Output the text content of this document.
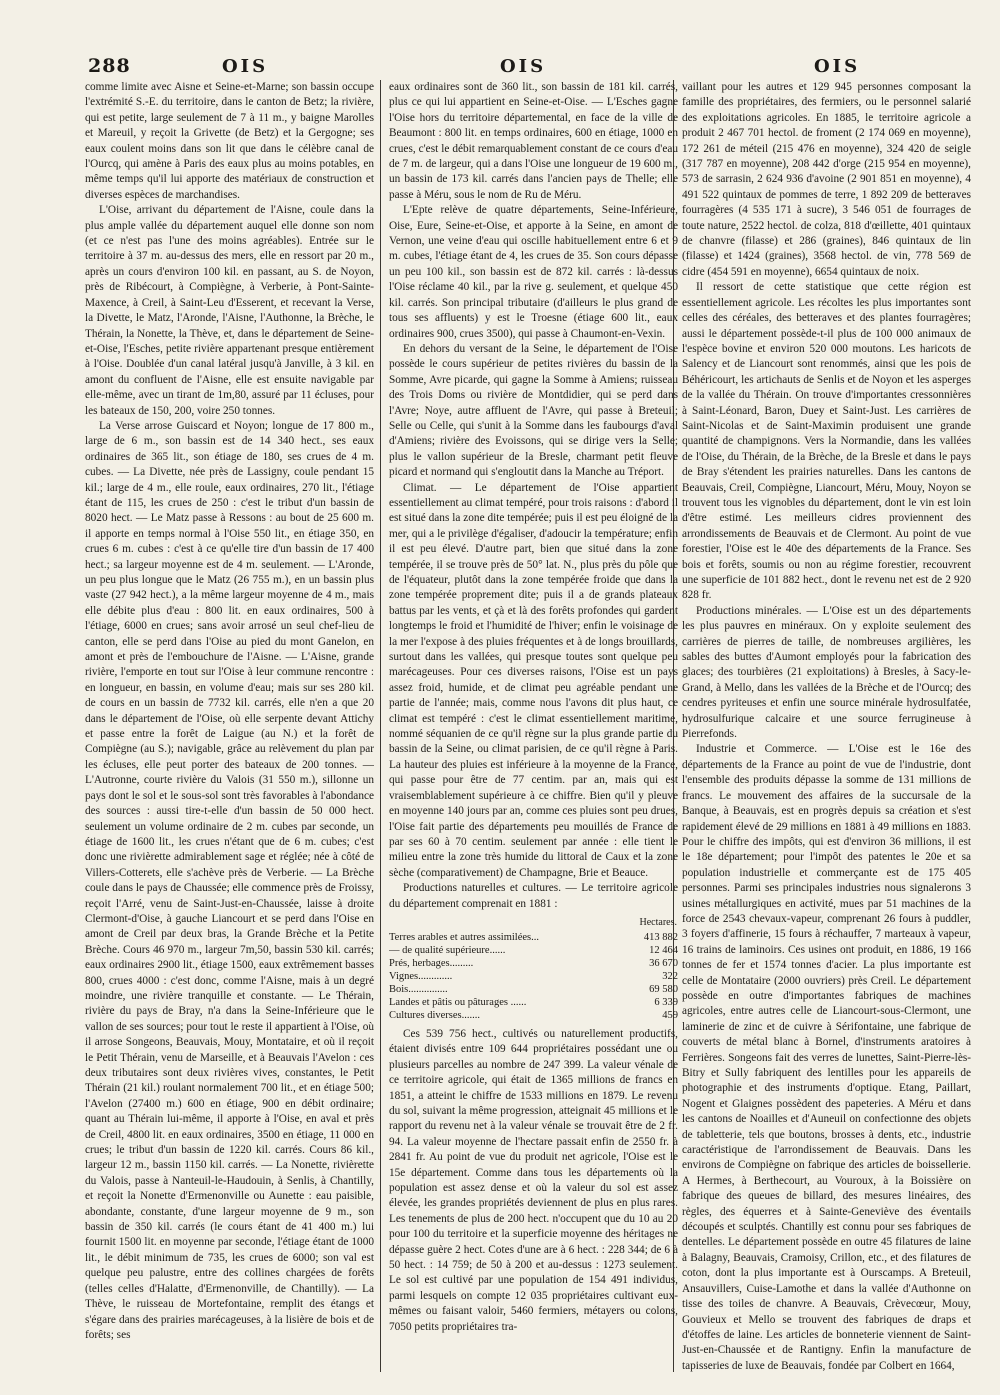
288	OIS	OIS	OIS

comme limite avec Aisne et Seine-et-Marne; son bassin occupe l'extrémité S.-E. du territoire, dans le canton de Betz; la rivière, qui est petite, large seulement de 7 à 11 m., y baigne Marolles et Mareuil, y reçoit la Grivette (de Betz) et la Gergogne; ses eaux coulent moins dans son lit que dans le célèbre canal de l'Ourcq, qui amène à Paris des eaux plus au moins potables, en même temps qu'il lui apporte des matériaux de construction et diverses espèces de marchandises.

L'Oise, arrivant du département de l'Aisne, coule dans la plus ample vallée du département auquel elle donne son nom (et ce n'est pas l'une des moins agréables). Entrée sur le territoire à 37 m. au-dessus des mers, elle en ressort par 20 m., après un cours d'environ 100 kil. en passant, au S. de Noyon, près de Ribécourt, à Compiègne, à Verberie, à Pont-Sainte-Maxence, à Creil, à Saint-Leu d'Esserent, et recevant la Verse, la Divette, le Matz, l'Aronde, l'Aisne, l'Authonne, la Brèche, le Thérain, la Nonette, la Thève, et, dans le département de Seine-et-Oise, l'Esches, petite rivière appartenant presque entièrement à l'Oise. Doublée d'un canal latéral jusqu'à Janville, à 3 kil. en amont du confluent de l'Aisne, elle est ensuite navigable par elle-même, avec un tirant de 1m,80, assuré par 11 écluses, pour les bateaux de 150, 200, voire 250 tonnes.

La Verse arrose Guiscard et Noyon; longue de 17 800 m., large de 6 m., son bassin est de 14 340 hect., ses eaux ordinaires de 365 lit., son étiage de 180, ses crues de 4 m. cubes. — La Divette, née près de Lassigny, coule pendant 15 kil.; large de 4 m., elle roule, eaux ordinaires, 270 lit., l'étiage étant de 115, les crues de 250 : c'est le tribut d'un bassin de 8020 hect. — Le Matz passe à Ressons : au bout de 25 600 m. il apporte en temps normal à l'Oise 550 lit., en étiage 350, en crues 6 m. cubes : c'est à ce qu'elle tire d'un bassin de 17 400 hect.; sa largeur moyenne est de 4 m. seulement. — L'Aronde, un peu plus longue que le Matz (26 755 m.), en un bassin plus vaste (27 942 hect.), a la même largeur moyenne de 4 m., mais elle débite plus d'eau : 800 lit. en eaux ordinaires, 500 à l'étiage, 6000 en crues; sans avoir arrosé un seul chef-lieu de canton, elle se perd dans l'Oise au pied du mont Ganelon, en amont et près de l'embouchure de l'Aisne. — L'Aisne, grande rivière, l'emporte en tout sur l'Oise à leur commune rencontre : en longueur, en bassin, en volume d'eau; mais sur ses 280 kil. de cours en un bassin de 7732 kil. carrés, elle n'en a que 20 dans le département de l'Oise, où elle serpente devant Attichy et passe entre la forêt de Laigue (au N.) et la forêt de Compiègne (au S.); navigable, grâce au relèvement du plan par les écluses, elle peut porter des bateaux de 200 tonnes. — L'Autronne, courte rivière du Valois (31 550 m.), sillonne un pays dont le sol et le sous-sol sont très favorables à l'abondance des sources : aussi tire-t-elle d'un bassin de 50 000 hect. seulement un volume ordinaire de 2 m. cubes par seconde, un étiage de 1600 lit., les crues n'étant que de 6 m. cubes; c'est donc une rivièrette admirablement sage et réglée; née à côté de Villers-Cotterets, elle s'achève près de Verberie. — La Brèche coule dans le pays de Chaussée; elle commence près de Froissy, reçoit l'Arré, venu de Saint-Just-en-Chaussée, laisse à droite Clermont-d'Oise, à gauche Liancourt et se perd dans l'Oise en amont de Creil par deux bras, la Grande Brèche et la Petite Brèche. Cours 46 970 m., largeur 7m,50, bassin 530 kil. carrés; eaux ordinaires 2900 lit., étiage 1500, eaux extrêmement basses 800, crues 4000 : c'est donc, comme l'Aisne, mais à un degré moindre, une rivière tranquille et constante. — Le Thérain, rivière du pays de Bray, n'a dans la Seine-Inférieure que le vallon de ses sources; pour tout le reste il appartient à l'Oise, où il arrose Songeons, Beauvais, Mouy, Montataire, et où il reçoit le Petit Thérain, venu de Marseille, et à Beauvais l'Avelon : ces deux tributaires sont deux rivières vives, constantes, le Petit Thérain (21 kil.) roulant normalement 700 lit., et en étiage 500; l'Avelon (27400 m.) 600 en étiage, 900 en débit ordinaire; quant au Thérain lui-même, il apporte à l'Oise, en aval et près de Creil, 4800 lit. en eaux ordinaires, 3500 en étiage, 11 000 en crues; le tribut d'un bassin de 1220 kil. carrés. Cours 86 kil., largeur 12 m., bassin 1150 kil. carrés. — La Nonette, rivièrette du Valois, passe à Nanteuil-le-Haudouin, à Senlis, à Chantilly, et reçoit la Nonette d'Ermenonville ou Aunette : eau paisible, abondante, constante, d'une largeur moyenne de 9 m., son bassin de 350 kil. carrés (le cours étant de 41 400 m.) lui fournit 1500 lit. en moyenne par seconde, l'étiage étant de 1000 lit., le débit minimum de 735, les crues de 6000; son val est quelque peu palustre, entre des collines chargées de forêts (telles celles d'Halatte, d'Ermenonville, de Chantilly). — La Thève, le ruisseau de Mortefontaine, remplit des étangs et s'égare dans des prairies marécageuses, à la lisière de bois et de forêts; ses

eaux ordinaires sont de 360 lit., son bassin de 181 kil. carrés, plus ce qui lui appartient en Seine-et-Oise. — L'Esches gagne l'Oise hors du territoire départemental, en face de la ville de Beaumont : 800 lit. en temps ordinaires, 600 en étiage, 1000 en crues, c'est le débit remarquablement constant de ce cours d'eau de 7 m. de largeur, qui a dans l'Oise une longueur de 19 600 m., un bassin de 173 kil. carrés dans l'ancien pays de Thelle; elle passe à Méru, sous le nom de Ru de Méru.

L'Epte relève de quatre départements, Seine-Inférieure, Oise, Eure, Seine-et-Oise, et apporte à la Seine, en amont de Vernon, une veine d'eau qui oscille habituellement entre 6 et 9 m. cubes, l'étiage étant de 4, les crues de 35. Son cours dépasse un peu 100 kil., son bassin est de 872 kil. carrés : là-dessus l'Oise réclame 40 kil., par la rive g. seulement, et quelque 450 kil. carrés. Son principal tributaire (d'ailleurs le plus grand de tous ses affluents) y est le Troesne (étiage 600 lit., eaux ordinaires 900, crues 3500), qui passe à Chaumont-en-Vexin.

En dehors du versant de la Seine, le département de l'Oise possède le cours supérieur de petites rivières du bassin de la Somme, Avre picarde, qui gagne la Somme à Amiens; ruisseau des Trois Doms ou rivière de Montdidier, qui se perd dans l'Avre; Noye, autre affluent de l'Avre, qui passe à Breteuil; Selle ou Celle, qui s'unit à la Somme dans les faubourgs d'aval d'Amiens; rivière des Evoissons, qui se dirige vers la Selle; plus le vallon supérieur de la Bresle, charmant petit fleuve picard et normand qui s'engloutit dans la Manche au Tréport.

Climat. — Le département de l'Oise appartient essentiellement au climat tempéré, pour trois raisons : d'abord il est situé dans la zone dite tempérée; puis il est peu éloigné de la mer, qui a le privilège d'égaliser, d'adoucir la température; enfin il est peu élevé. D'autre part, bien que situé dans la zone tempérée, il se trouve près de 50° lat. N., plus près du pôle que de l'équateur, plutôt dans la zone tempérée froide que dans la zone tempérée proprement dite; puis il a de grands plateaux battus par les vents, et çà et là des forêts profondes qui gardent longtemps le froid et l'humidité de l'hiver; enfin le voisinage de la mer l'expose à des pluies fréquentes et à de longs brouillards, surtout dans les vallées, qui presque toutes sont quelque peu marécageuses. Pour ces diverses raisons, l'Oise est un pays assez froid, humide, et de climat peu agréable pendant une partie de l'année; mais, comme nous l'avons dit plus haut, ce climat est tempéré : c'est le climat essentiellement maritime, nommé séquanien de ce qu'il règne sur la plus grande partie du bassin de la Seine, ou climat parisien, de ce qu'il règne à Paris. La hauteur des pluies est inférieure à la moyenne de la France, qui passe pour être de 77 centim. par an, mais qui est vraisemblablement supérieure à ce chiffre. Bien qu'il y pleuve en moyenne 140 jours par an, comme ces pluies sont peu drues, l'Oise fait partie des départements peu mouillés de France de par ses 60 à 70 centim. seulement par année : elle tient le milieu entre la zone très humide du littoral de Caux et la zone sèche (comparativement) de Champagne, Brie et Beauce.

Productions naturelles et cultures. — Le territoire agricole du département comprenait en 1881 :

Hectares.	
Terres arables et autres assimilées...	413 882
— de qualité supérieure......	12 464
Prés, herbages.........	36 670
Vignes.............	322
Bois...............	69 580
Landes et pâtis ou pâturages ......	6 339
Cultures diverses.......	459

Ces 539 756 hect., cultivés ou naturellement productifs, étaient divisés entre 109 644 propriétaires possédant une ou plusieurs parcelles au nombre de 247 399. La valeur vénale de ce territoire agricole, qui était de 1365 millions de francs en 1851, a atteint le chiffre de 1533 millions en 1879. Le revenu du sol, suivant la même progression, atteignait 45 millions et le rapport du revenu net à la valeur vénale se trouvait être de 2 fr. 94. La valeur moyenne de l'hectare passait enfin de 2550 fr. à 2841 fr. Au point de vue du produit net agricole, l'Oise est le 15e département. Comme dans tous les départements où la population est assez dense et où la valeur du sol est assez élevée, les grandes propriétés deviennent de plus en plus rares. Les tenements de plus de 200 hect. n'occupent que du 10 au 20 pour 100 du territoire et la superficie moyenne des héritages ne dépasse guère 2 hect. Cotes d'une are à 6 hect. : 228 344; de 6 à 50 hect. : 14 759; de 50 à 200 et au-dessus : 1273 seulement. Le sol est cultivé par une population de 154 491 individus, parmi lesquels on compte 12 035 propriétaires cultivant eux-mêmes ou faisant valoir, 5460 fermiers, métayers ou colons, 7050 petits propriétaires tra-

vaillant pour les autres et 129 945 personnes composant la famille des propriétaires, des fermiers, ou le personnel salarié des exploitations agricoles. En 1885, le territoire agricole a produit 2 467 701 hectol. de froment (2 174 069 en moyenne), 172 261 de méteil (215 476 en moyenne), 324 420 de seigle (317 787 en moyenne), 208 442 d'orge (215 954 en moyenne), 573 de sarrasin, 2 624 936 d'avoine (2 901 851 en moyenne), 4 491 522 quintaux de pommes de terre, 1 892 209 de betteraves fourragères (4 535 171 à sucre), 3 546 051 de fourrages de toute nature, 2522 hectol. de colza, 818 d'œillette, 401 quintaux de chanvre (filasse) et 286 (graines), 846 quintaux de lin (filasse) et 1424 (graines), 3568 hectol. de vin, 778 569 de cidre (454 591 en moyenne), 6654 quintaux de noix.

Il ressort de cette statistique que cette région est essentiellement agricole. Les récoltes les plus importantes sont celles des céréales, des betteraves et des plantes fourragères; aussi le département possède-t-il plus de 100 000 animaux de l'espèce bovine et environ 520 000 moutons. Les haricots de Salency et de Liancourt sont renommés, ainsi que les pois de Béhéricourt, les artichauts de Senlis et de Noyon et les asperges de la vallée du Thérain. On trouve d'importantes cressonnières à Saint-Léonard, Baron, Duey et Saint-Just. Les carrières de Saint-Nicolas et de Saint-Maximin produisent une grande quantité de champignons. Vers la Normandie, dans les vallées de l'Oise, du Thérain, de la Brèche, de la Bresle et dans le pays de Bray s'étendent les prairies naturelles. Dans les cantons de Beauvais, Creil, Compiègne, Liancourt, Méru, Mouy, Noyon se trouvent tous les vignobles du département, dont le vin est loin d'être estimé. Les meilleurs cidres proviennent des arrondissements de Beauvais et de Clermont. Au point de vue forestier, l'Oise est le 40e des départements de la France. Ses bois et forêts, soumis ou non au régime forestier, recouvrent une superficie de 101 882 hect., dont le revenu net est de 2 920 828 fr.

Productions minérales. — L'Oise est un des départements les plus pauvres en minéraux. On y exploite seulement des carrières de pierres de taille, de nombreuses argilières, les sables des buttes d'Aumont employés pour la fabrication des glaces; des tourbières (21 exploitations) à Bresles, à Sacy-le-Grand, à Mello, dans les vallées de la Brèche et de l'Ourcq; des cendres pyriteuses et enfin une source minérale hydrosulfatée, hydrosulfurique calcaire et une source ferrugineuse à Pierrefonds.

Industrie et Commerce. — L'Oise est le 16e des départements de la France au point de vue de l'industrie, dont l'ensemble des produits dépasse la somme de 131 millions de francs. Le mouvement des affaires de la succursale de la Banque, à Beauvais, est en progrès depuis sa création et s'est rapidement élevé de 29 millions en 1881 à 49 millions en 1883. Pour le chiffre des impôts, qui est d'environ 36 millions, il est le 18e département; pour l'impôt des patentes le 20e et sa population industrielle et commerçante est de 175 405 personnes. Parmi ses principales industries nous signalerons 3 usines métallurgiques en activité, mues par 51 machines de la force de 2543 chevaux-vapeur, comprenant 26 fours à puddler, 3 foyers d'affinerie, 15 fours à réchauffer, 7 marteaux à vapeur, 16 trains de laminoirs. Ces usines ont produit, en 1886, 19 166 tonnes de fer et 1574 tonnes d'acier. La plus importante est celle de Montataire (2000 ouvriers) près Creil. Le département possède en outre d'importantes fabriques de machines agricoles, entre autres celle de Liancourt-sous-Clermont, une laminerie de zinc et de cuivre à Sérifontaine, une fabrique de couverts de métal blanc à Bornel, d'instruments aratoires à Ferrières. Songeons fait des verres de lunettes, Saint-Pierre-lès-Bitry et Sully fabriquent des lentilles pour les appareils de photographie et des instruments d'optique. Etang, Paillart, Nogent et Glaignes possèdent des papeteries. A Méru et dans les cantons de Noailles et d'Auneuil on confectionne des objets de tabletterie, tels que boutons, brosses à dents, etc., industrie caractéristique de l'arrondissement de Beauvais. Dans les environs de Compiègne on fabrique des articles de boissellerie. A Hermes, à Berthecourt, au Vouroux, à la Boissière on fabrique des queues de billard, des mesures linéaires, des règles, des équerres et à Sainte-Geneviève des éventails découpés et sculptés. Chantilly est connu pour ses fabriques de dentelles. Le département possède en outre 45 filatures de laine à Balagny, Beauvais, Cramoisy, Crillon, etc., et des filatures de coton, dont la plus importante est à Ourscamps. A Breteuil, Ansauvillers, Cuise-Lamothe et dans la vallée d'Authonne on tisse des toiles de chanvre. A Beauvais, Crèvecœur, Mouy, Gouvieux et Mello se trouvent des fabriques de draps et d'étoffes de laine. Les articles de bonneterie viennent de Saint-Just-en-Chaussée et de Rantigny. Enfin la manufacture de tapisseries de luxe de Beauvais, fondée par Colbert en 1664,
